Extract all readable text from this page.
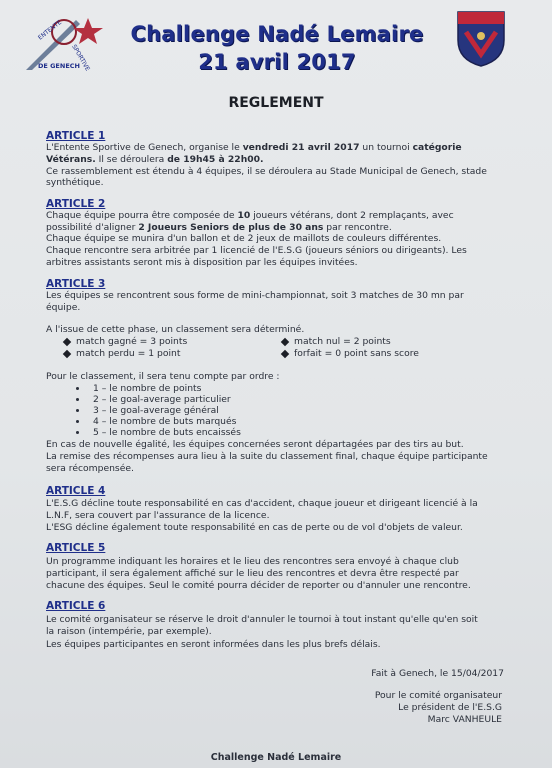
ENTENTE
SPORTIVE
DE GENECH
Challenge Nadé Lemaire
21 avril 2017
REGLEMENT
ARTICLE 1
L'Entente Sportive de Genech, organise le vendredi 21 avril 2017 un tournoi catégorie
Vétérans. Il se déroulera de 19h45 à 22h00.
Ce rassemblement est étendu à 4 équipes, il se déroulera au Stade Municipal de Genech, stade
synthétique.
ARTICLE 2
Chaque équipe pourra être composée de 10 joueurs vétérans, dont 2 remplaçants, avec
possibilité d'aligner 2 Joueurs Seniors de plus de 30 ans par rencontre.
Chaque équipe se munira d'un ballon et de 2 jeux de maillots de couleurs différentes.
Chaque rencontre sera arbitrée par 1 licencié de l'E.S.G (joueurs séniors ou dirigeants). Les
arbitres assistants seront mis à disposition par les équipes invitées.
ARTICLE 3
Les équipes se rencontrent sous forme de mini-championnat, soit 3 matches de 30 mn par
équipe.
A l'issue de cette phase, un classement sera déterminé.
match gagné = 3 points	match nul = 2 points
match perdu = 1 point	forfait = 0 point sans score
Pour le classement, il sera tenu compte par ordre :
1 – le nombre de points
2 – le goal-average particulier
3 – le goal-average général
4 – le nombre de buts marqués
5 – le nombre de buts encaissés
En cas de nouvelle égalité, les équipes concernées seront départagées par des tirs au but.
La remise des récompenses aura lieu à la suite du classement final, chaque équipe participante
sera récompensée.
ARTICLE 4
L'E.S.G décline toute responsabilité en cas d'accident, chaque joueur et dirigeant licencié à la
L.N.F, sera couvert par l'assurance de la licence.
L'ESG décline également toute responsabilité en cas de perte ou de vol d'objets de valeur.
ARTICLE 5
Un programme indiquant les horaires et le lieu des rencontres sera envoyé à chaque club
participant, il sera également affiché sur le lieu des rencontres et devra être respecté par
chacune des équipes. Seul le comité pourra décider de reporter ou d'annuler une rencontre.
ARTICLE 6
Le comité organisateur se réserve le droit d'annuler le tournoi à tout instant qu'elle qu'en soit
la raison (intempérie, par exemple).
Les équipes participantes en seront informées dans les plus brefs délais.
Fait à Genech, le 15/04/2017
Pour le comité organisateur
Le président de l'E.S.G
Marc VANHEULE
Challenge Nadé Lemaire
